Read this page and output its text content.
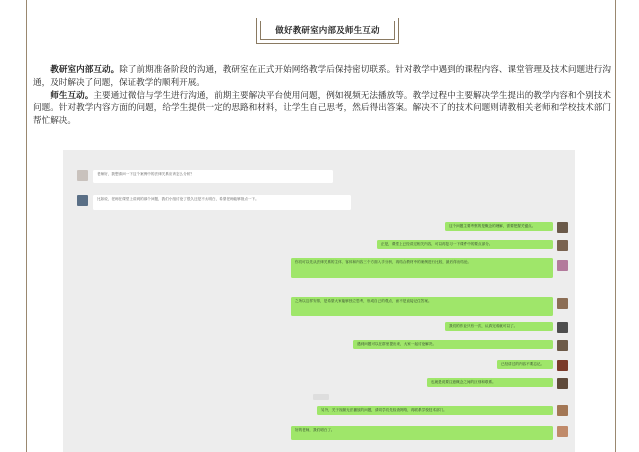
做好教研室内部及师生互动

教研室内部互动。除了前期准备阶段的沟通，教研室在正式开始网络教学后保持密切联系。针对教学中遇到的课程内容、课堂管理及技术问题进行沟通，及时解决了问题，保证教学的顺利开展。

师生互动。主要通过微信与学生进行沟通，前期主要解决平台使用问题，例如视频无法播放等。教学过程中主要解决学生提出的教学内容和个别技术问题。针对教学内容方面的问题，给学生提供一定的思路和材料，让学生自己思考，然后得出答案。解决不了的技术问题则请教相关老师和学校技术部门帮忙解决。

老师好，我想请问一下这个案例中的法律关系应该怎么分析？
比如说，老师在课堂上讲到的那个问题，我们小组讨论了很久还是不太明白，希望老师能够指点一下。
这个问题主要考察的是概念的理解，需要把握关键点。
正是，课堂上已经讲过相关内容，可以再复习一下课件中的要点部分。
你们可以先从法律关系的主体、客体和内容三个方面入手分析，再结合教材中的案例进行比较，最后得出结论。
之所以这样安排，是希望大家能够独立思考，形成自己的观点，而不是直接记住答案。
我们的作业只有一次，认真完成就可以了。
遇到问题可以在群里提出来，大家一起讨论解决。
已经讲过的内容不要忘记。
也就是说要注意概念之间的区别和联系。
另外，关于视频无法播放的问题，请同学们先检查网络，再联系学校技术部门。
好的老师，我们明白了。
